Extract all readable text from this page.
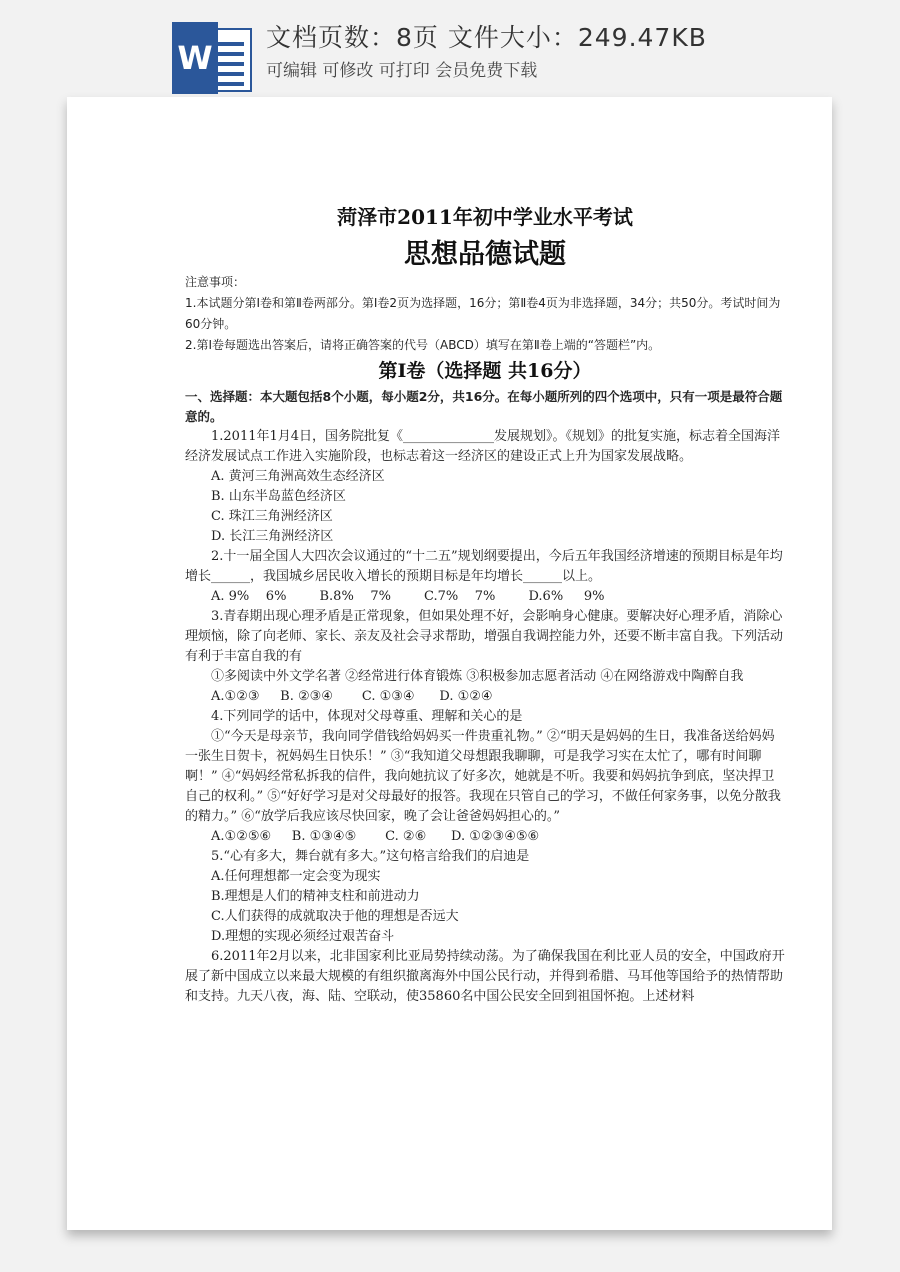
W
文档页数：8页 文件大小：249.47KB
可编辑 可修改 可打印 会员免费下载
菏泽市2011年初中学业水平考试
思想品德试题

注意事项：

1.本试题分第Ⅰ卷和第Ⅱ卷两部分。第Ⅰ卷2页为选择题，16分；第Ⅱ卷4页为非选择题，34分；共50分。考试时间为60分钟。

2.第Ⅰ卷每题选出答案后，请将正确答案的代号（ABCD）填写在第Ⅱ卷上端的“答题栏”内。

第Ⅰ卷（选择题 共16分）

一、选择题：本大题包括8个小题，每小题2分，共16分。在每小题所列的四个选项中，只有一项是最符合题意的。

1.2011年1月4日，国务院批复《______________发展规划》。《规划》的批复实施，标志着全国海洋经济发展试点工作进入实施阶段，也标志着这一经济区的建设正式上升为国家发展战略。

A. 黄河三角洲高效生态经济区

B. 山东半岛蓝色经济区

C. 珠江三角洲经济区

D. 长江三角洲经济区

2.十一届全国人大四次会议通过的“十二五”规划纲要提出，今后五年我国经济增速的预期目标是年均增长______，我国城乡居民收入增长的预期目标是年均增长______以上。

A. 9%    6%        B.8%    7%        C.7%    7%        D.6%     9%

3.青春期出现心理矛盾是正常现象，但如果处理不好，会影响身心健康。要解决好心理矛盾，消除心理烦恼，除了向老师、家长、亲友及社会寻求帮助，增强自我调控能力外，还要不断丰富自我。下列活动有利于丰富自我的有

①多阅读中外文学名著 ②经常进行体育锻炼 ③积极参加志愿者活动 ④在网络游戏中陶醉自我

A.①②③     B. ②③④       C. ①③④      D. ①②④

4.下列同学的话中，体现对父母尊重、理解和关心的是

①“今天是母亲节，我向同学借钱给妈妈买一件贵重礼物。” ②“明天是妈妈的生日，我准备送给妈妈一张生日贺卡，祝妈妈生日快乐！” ③“我知道父母想跟我聊聊，可是我学习实在太忙了，哪有时间聊啊！” ④“妈妈经常私拆我的信件，我向她抗议了好多次，她就是不听。我要和妈妈抗争到底，坚决捍卫自己的权利。” ⑤“好好学习是对父母最好的报答。我现在只管自己的学习，不做任何家务事，以免分散我的精力。” ⑥“放学后我应该尽快回家，晚了会让爸爸妈妈担心的。”

A.①②⑤⑥     B. ①③④⑤       C. ②⑥      D. ①②③④⑤⑥

5.“心有多大，舞台就有多大。”这句格言给我们的启迪是

A.任何理想都一定会变为现实

B.理想是人们的精神支柱和前进动力

C.人们获得的成就取决于他的理想是否远大

D.理想的实现必须经过艰苦奋斗

6.2011年2月以来，北非国家利比亚局势持续动荡。为了确保我国在利比亚人员的安全，中国政府开展了新中国成立以来最大规模的有组织撤离海外中国公民行动，并得到希腊、马耳他等国给予的热情帮助和支持。九天八夜，海、陆、空联动，使35860名中国公民安全回到祖国怀抱。上述材料
